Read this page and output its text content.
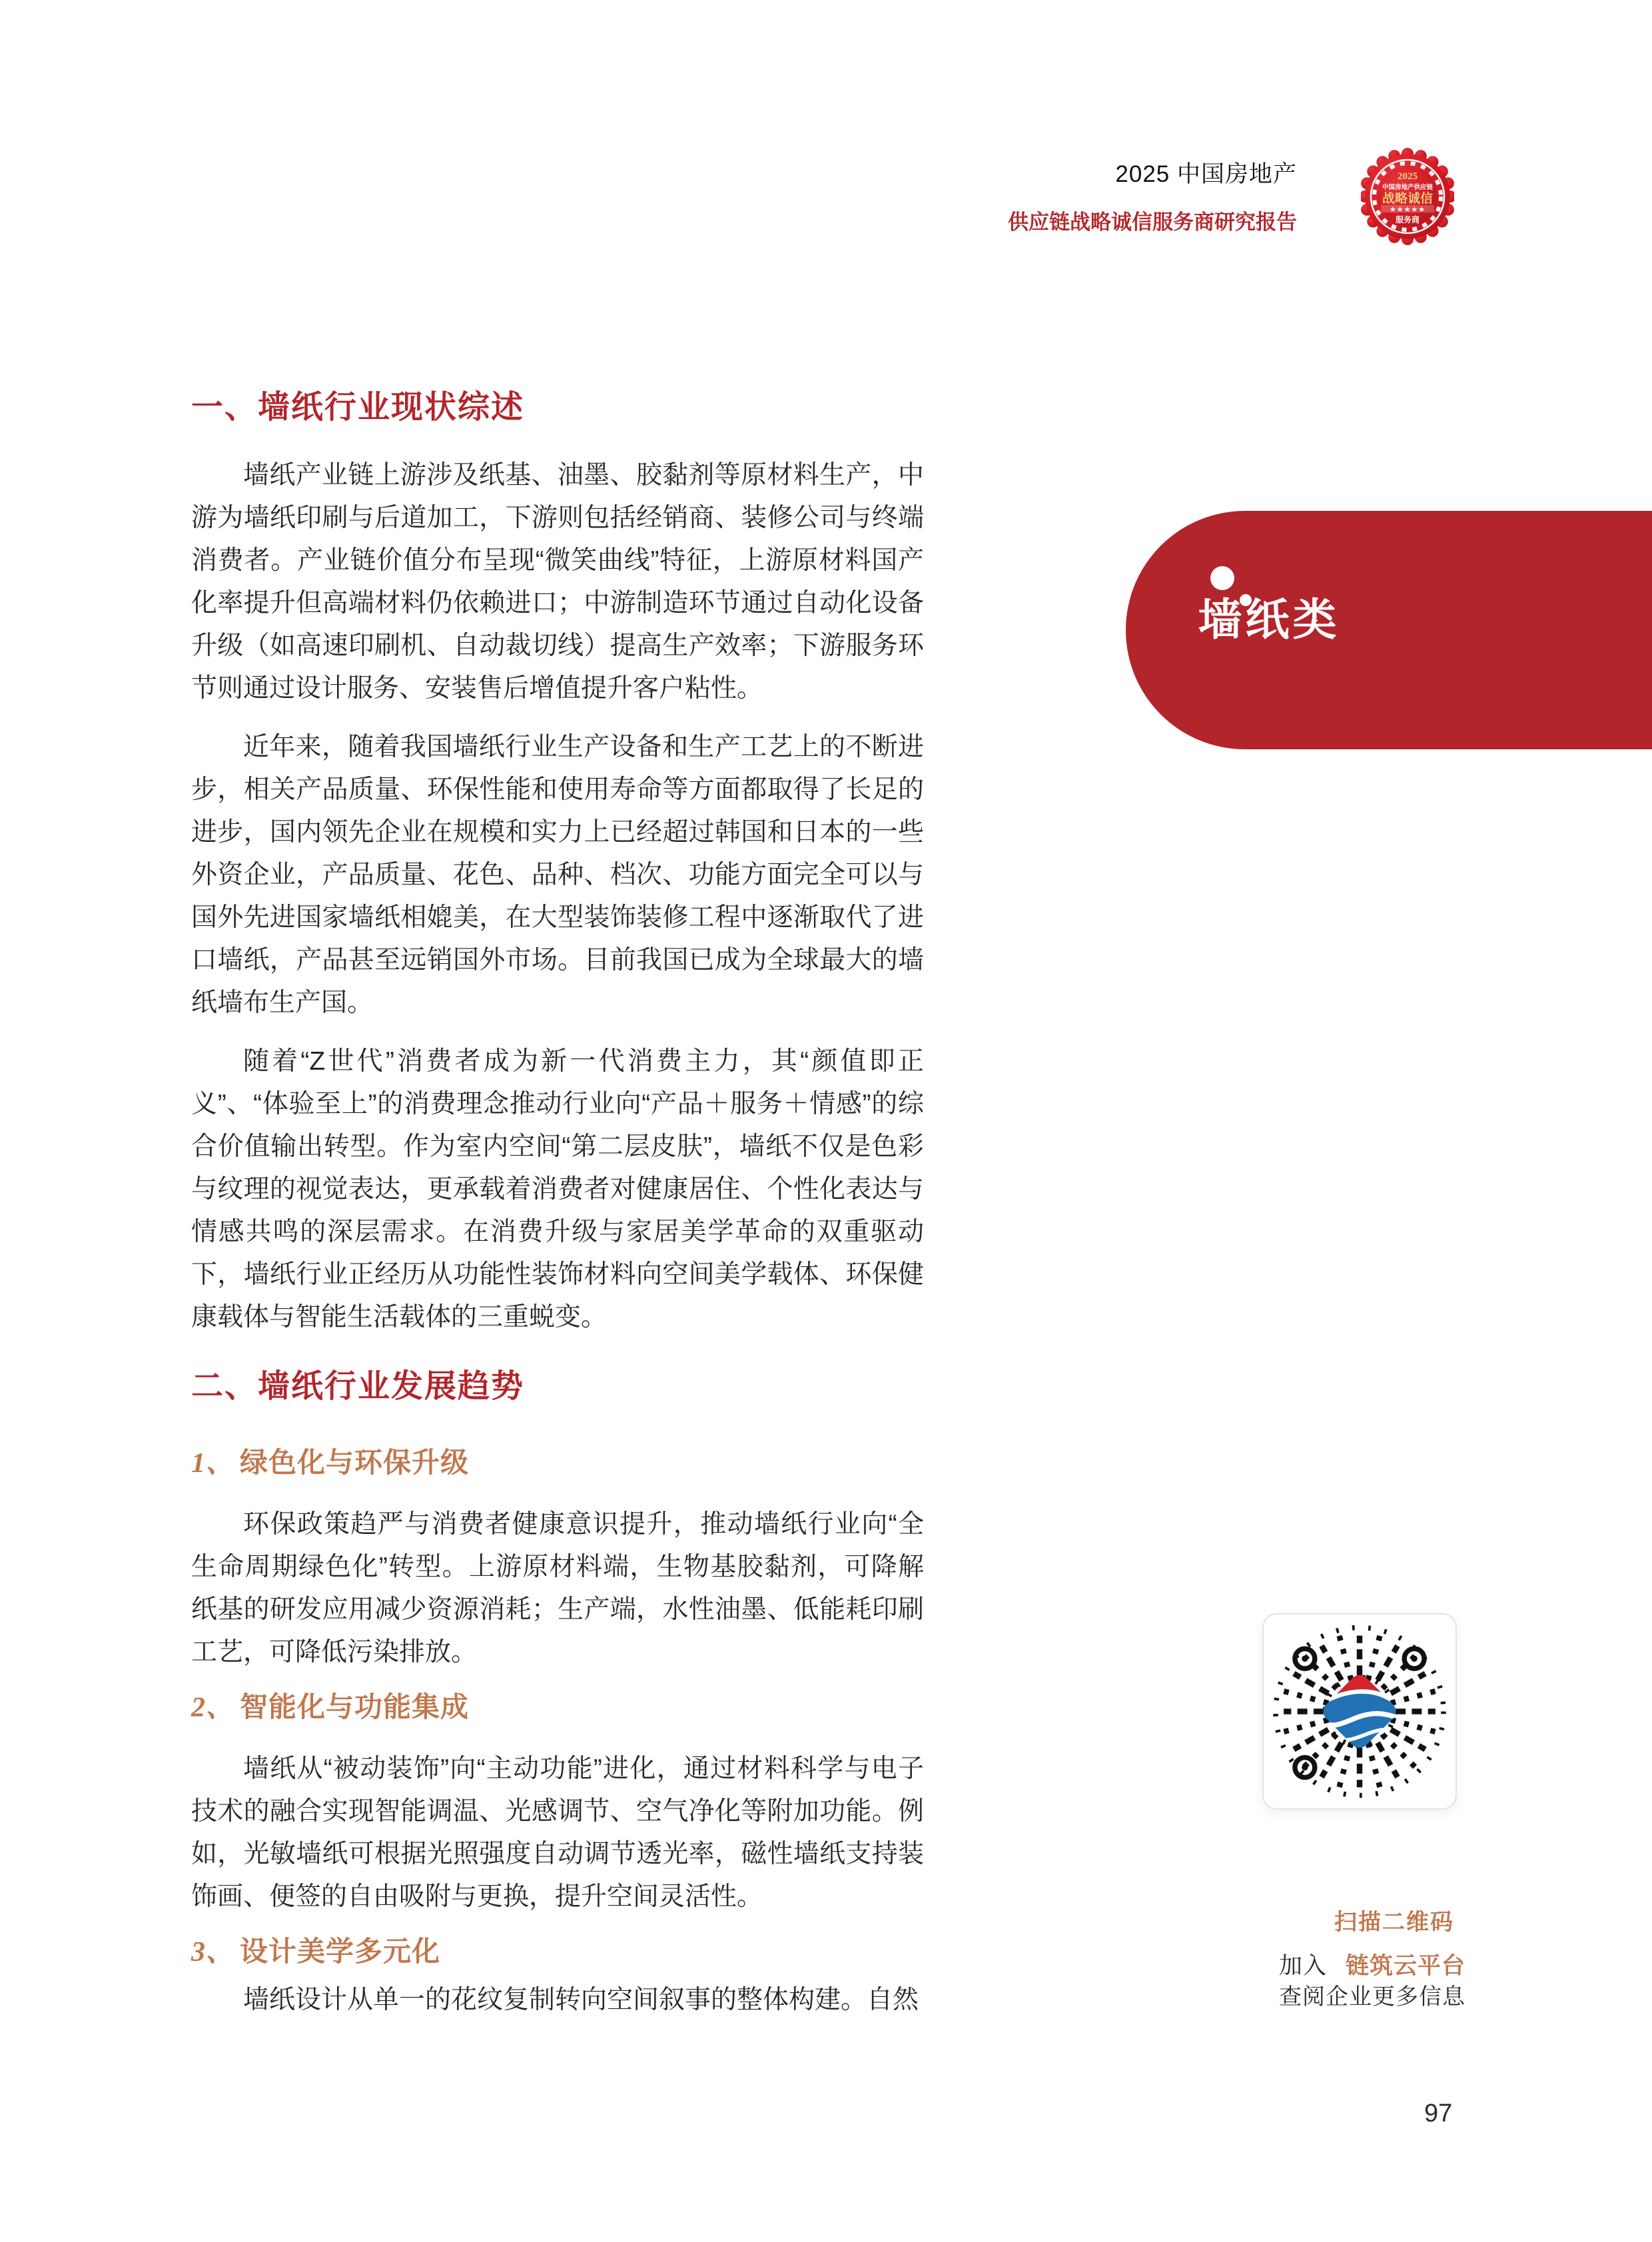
2025 中国房地产
供应链战略诚信服务商研究报告
2025
中国房地产供应链
战略诚信
★★★★★
服务商
墙纸类
一、墙纸行业现状综述
墙纸产业链上游涉及纸基、油墨、胶黏剂等原材料生产，中游为墙纸印刷与后道加工，下游则包括经销商、装修公司与终端消费者。产业链价值分布呈现“微笑曲线”特征，上游原材料国产化率提升但高端材料仍依赖进口；中游制造环节通过自动化设备升级（如高速印刷机、自动裁切线）提高生产效率；下游服务环节则通过设计服务、安装售后增值提升客户粘性。
近年来，随着我国墙纸行业生产设备和生产工艺上的不断进步，相关产品质量、环保性能和使用寿命等方面都取得了长足的进步，国内领先企业在规模和实力上已经超过韩国和日本的一些外资企业，产品质量、花色、品种、档次、功能方面完全可以与国外先进国家墙纸相媲美，在大型装饰装修工程中逐渐取代了进口墙纸，产品甚至远销国外市场。目前我国已成为全球最大的墙纸墙布生产国。
随着“Z世代”消费者成为新一代消费主力，其“颜值即正义”、“体验至上”的消费理念推动行业向“产品＋服务＋情感”的综合价值输出转型。作为室内空间“第二层皮肤”，墙纸不仅是色彩与纹理的视觉表达，更承载着消费者对健康居住、个性化表达与情感共鸣的深层需求。在消费升级与家居美学革命的双重驱动下，墙纸行业正经历从功能性装饰材料向空间美学载体、环保健康载体与智能生活载体的三重蜕变。
二、墙纸行业发展趋势
1、 绿色化与环保升级
环保政策趋严与消费者健康意识提升，推动墙纸行业向“全生命周期绿色化”转型。上游原材料端，生物基胶黏剂，可降解纸基的研发应用减少资源消耗；生产端，水性油墨、低能耗印刷工艺，可降低污染排放。
2、 智能化与功能集成
墙纸从“被动装饰”向“主动功能”进化，通过材料科学与电子技术的融合实现智能调温、光感调节、空气净化等附加功能。例如，光敏墙纸可根据光照强度自动调节透光率，磁性墙纸支持装饰画、便签的自由吸附与更换，提升空间灵活性。
3、 设计美学多元化
墙纸设计从单一的花纹复制转向空间叙事的整体构建。自然
扫描二维码
加入 链筑云平台
查阅企业更多信息
97
